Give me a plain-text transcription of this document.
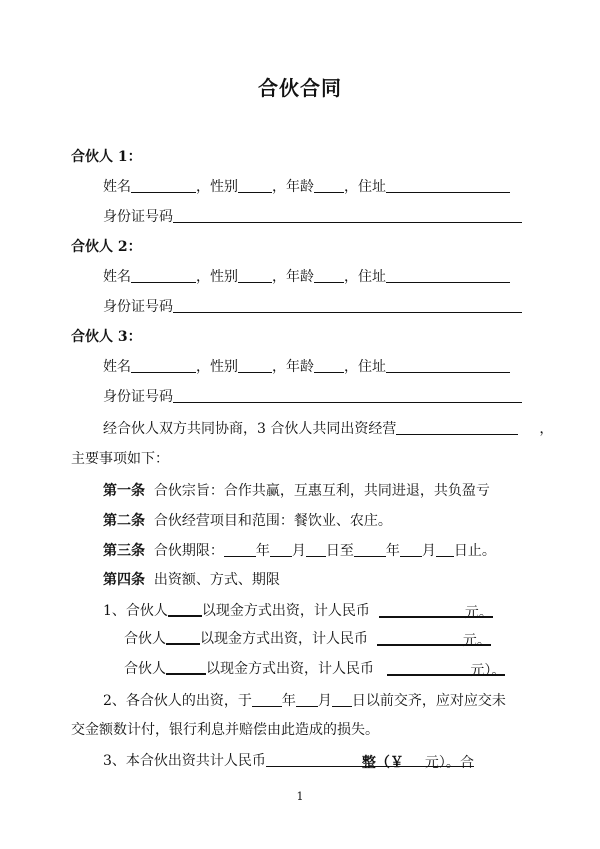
合伙合同
合伙人 1：
姓名	，性别 ，年龄 ，住址
身份证号码
合伙人 2：
姓名	，性别 ，年龄 ，住址
身份证号码
合伙人 3：
姓名	，性别 ，年龄 ，住址
身份证号码
经合伙人双方共同协商，3 合伙人共同出资经营	，
主要事项如下：
第一条 合伙宗旨：合作共赢，互惠互利，共同进退，共负盈亏
第二条 合伙经营项目和范围：餐饮业、农庄。
第三条 合伙期限： 年 月 日至 年 月 日止。
第四条 出资额、方式、期限
1、合伙人 以现金方式出资，计人民币	元。
合伙人 以现金方式出资，计人民币	元。
合伙人	以现金方式出资，计人民币	元）。
2、各合伙人的出资，于 年 月 日以前交齐，应对应交未
交金额数计付，银行利息并赔偿由此造成的损失。
3、本合伙出资共计人民币	整（￥ 元）。合
1
